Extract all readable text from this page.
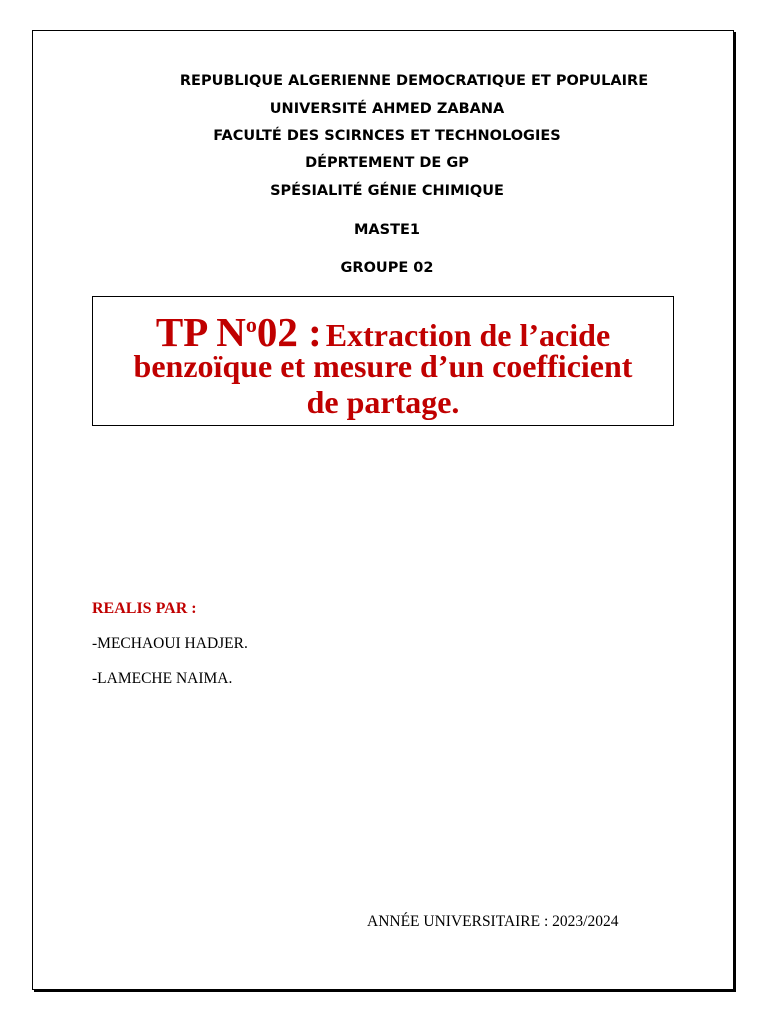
REPUBLIQUE ALGERIENNE DEMOCRATIQUE ET POPULAIRE
UNIVERSITÉ AHMED ZABANA
FACULTÉ DES SCIRNCES ET TECHNOLOGIES
DÉPRTEMENT DE GP
SPÉSIALITÉ GÉNIE CHIMIQUE
MASTE1
GROUPE 02
TP No02 : Extraction de l’acide
benzoïque et mesure d’un coefficient
de partage.
REALIS PAR :
-MECHAOUI HADJER.
-LAMECHE NAIMA.
ANNÉE UNIVERSITAIRE : 2023/2024
